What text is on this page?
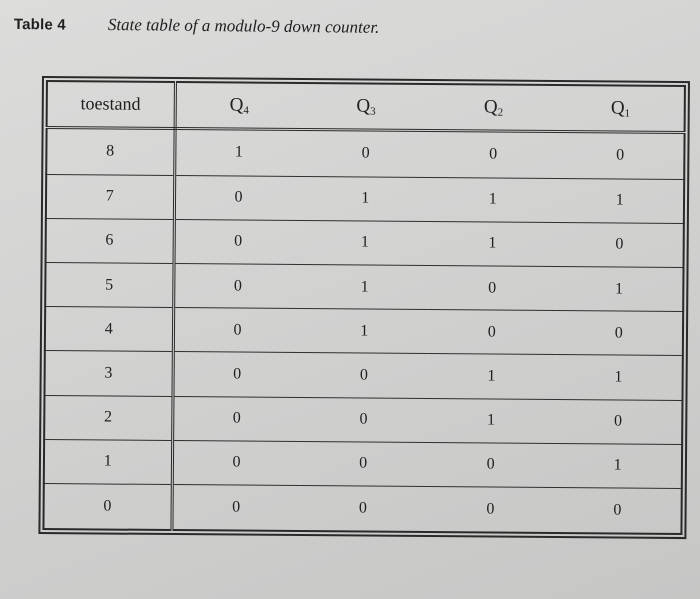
Table 4 State table of a modulo-9 down counter.
toestand	$Q_4$	$Q_3$	$Q_2$	$Q_1$
8	1	0	0	0
7	0	1	1	1
6	0	1	1	0
5	0	1	0	1
4	0	1	0	0
3	0	0	1	1
2	0	0	1	0
1	0	0	0	1
0	0	0	0	0
